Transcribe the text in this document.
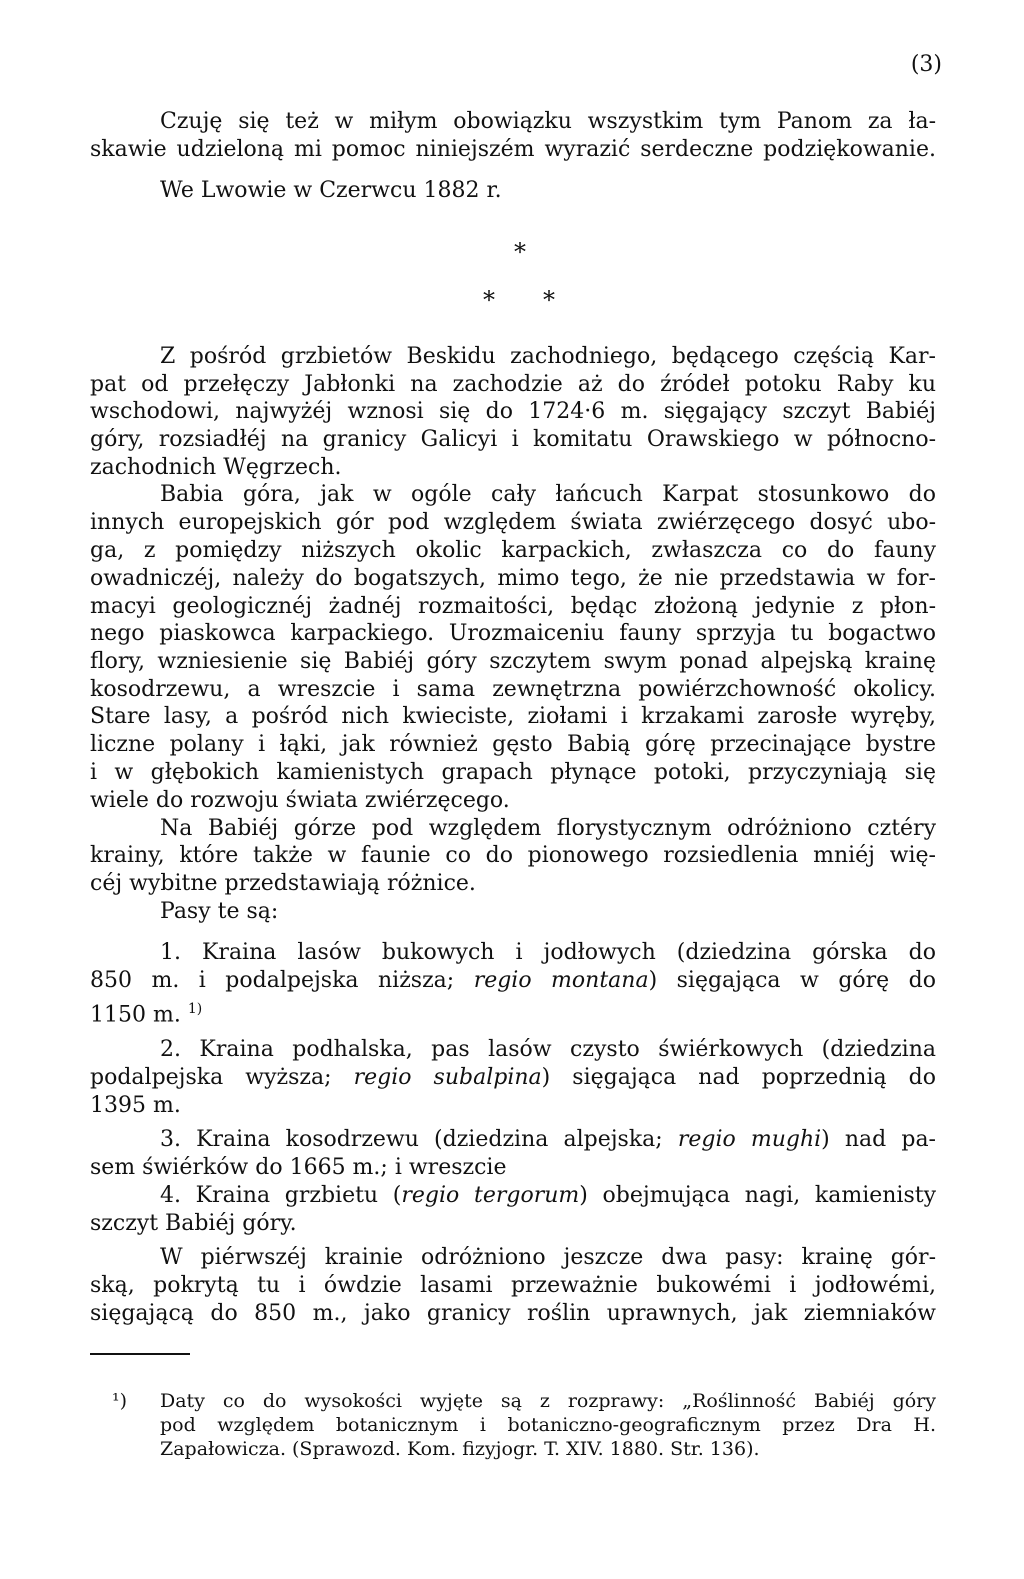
(3)
Czuję się też w miłym obowiązku wszystkim tym Panom za ła-
skawie udzieloną mi pomoc niniejszém wyrazić serdeczne podziękowanie.
We Lwowie w Czerwcu 1882 r.
*
* *
Z pośród grzbietów Beskidu zachodniego, będącego częścią Kar-
pat od przełęczy Jabłonki na zachodzie aż do źródeł potoku Raby ku
wschodowi, najwyżéj wznosi się do 1724·6 m. sięgający szczyt Babiéj
góry, rozsiadłéj na granicy Galicyi i komitatu Orawskiego w północno-
zachodnich Węgrzech.
Babia góra, jak w ogóle cały łańcuch Karpat stosunkowo do
innych europejskich gór pod względem świata zwiérzęcego dosyć ubo-
ga, z pomiędzy niższych okolic karpackich, zwłaszcza co do fauny
owadniczéj, należy do bogatszych, mimo tego, że nie przedstawia w for-
macyi geologicznéj żadnéj rozmaitości, będąc złożoną jedynie z płon-
nego piaskowca karpackiego. Urozmaiceniu fauny sprzyja tu bogactwo
flory, wzniesienie się Babiéj góry szczytem swym ponad alpejską krainę
kosodrzewu, a wreszcie i sama zewnętrzna powiérzchowność okolicy.
Stare lasy, a pośród nich kwieciste, ziołami i krzakami zarosłe wyręby,
liczne polany i łąki, jak również gęsto Babią górę przecinające bystre
i w głębokich kamienistych grapach płynące potoki, przyczyniają się
wiele do rozwoju świata zwiérzęcego.
Na Babiéj górze pod względem florystycznym odróżniono cztéry
krainy, które także w faunie co do pionowego rozsiedlenia mniéj wię-
céj wybitne przedstawiają różnice.
Pasy te są:
1. Kraina lasów bukowych i jodłowych (dziedzina górska do
850 m. i podalpejska niższa; regio montana) sięgająca w górę do
1150 m. $^{1)}$
2. Kraina podhalska, pas lasów czysto świérkowych (dziedzina
podalpejska wyższa; regio subalpina) sięgająca nad poprzednią do
1395 m.
3. Kraina kosodrzewu (dziedzina alpejska; regio mughi) nad pa-
sem świérków do 1665 m.; i wreszcie
4. Kraina grzbietu (regio tergorum) obejmująca nagi, kamienisty
szczyt Babiéj góry.
W piérwszéj krainie odróżniono jeszcze dwa pasy: krainę gór-
ską, pokrytą tu i ówdzie lasami przeważnie bukowémi i jodłowémi,
sięgającą do 850 m., jako granicy roślin uprawnych, jak ziemniaków
¹) Daty co do wysokości wyjęte są z rozprawy: „Roślinność Babiéj góry
pod względem botanicznym i botaniczno-geograficznym przez Dra H.
Zapałowicza. (Sprawozd. Kom. fizyjogr. T. XIV. 1880. Str. 136).
